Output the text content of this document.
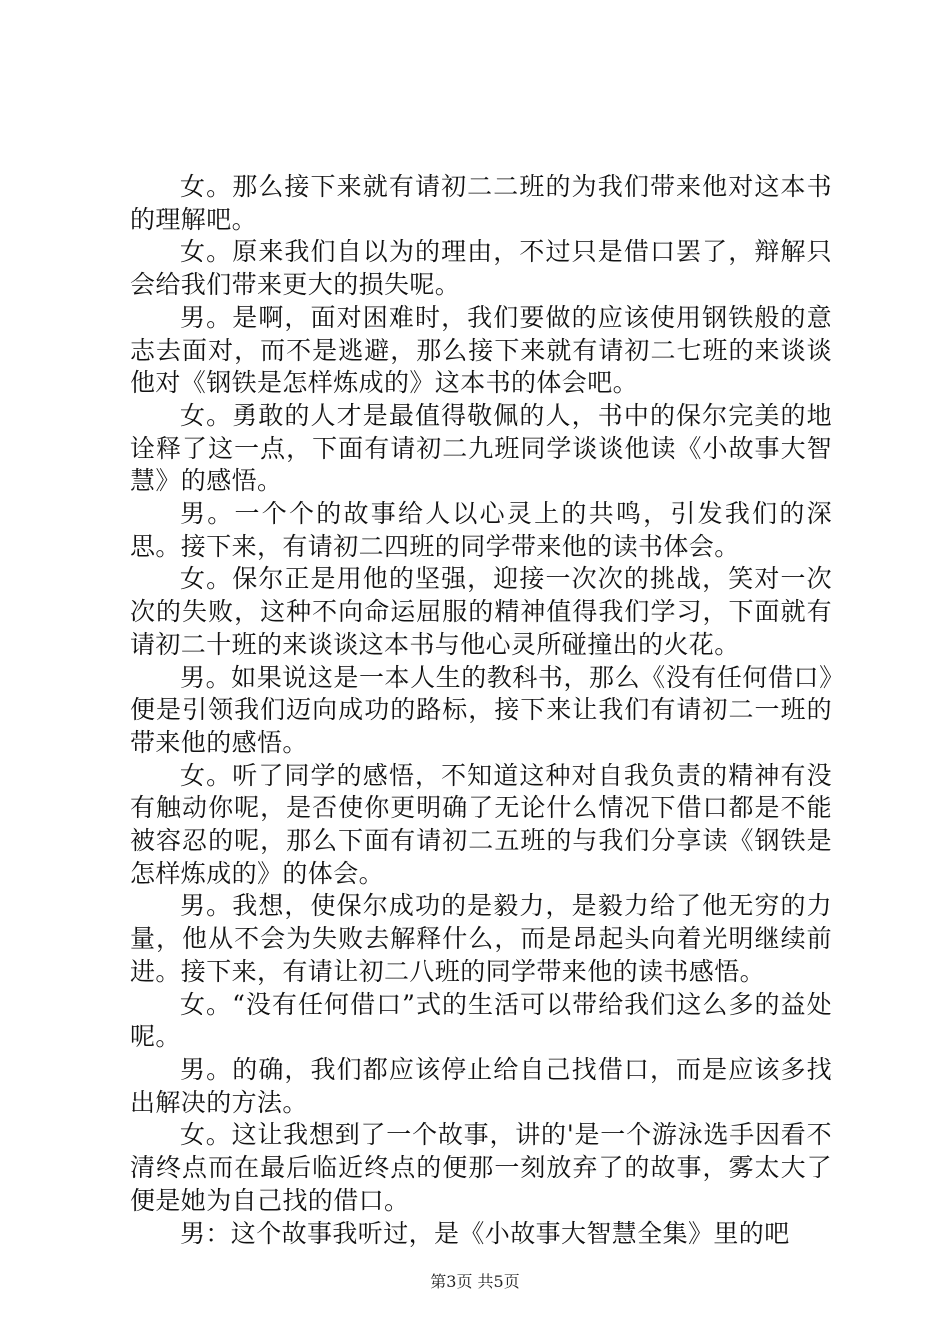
女。那么接下来就有请初二二班的为我们带来他对这本书的理解吧。

女。原来我们自以为的理由，不过只是借口罢了，辩解只会给我们带来更大的损失呢。

男。是啊，面对困难时，我们要做的应该使用钢铁般的意志去面对，而不是逃避，那么接下来就有请初二七班的来谈谈他对《钢铁是怎样炼成的》这本书的体会吧。

女。勇敢的人才是最值得敬佩的人，书中的保尔完美的地诠释了这一点，下面有请初二九班同学谈谈他读《小故事大智慧》的感悟。

男。一个个的故事给人以心灵上的共鸣，引发我们的深思。接下来，有请初二四班的同学带来他的读书体会。

女。保尔正是用他的坚强，迎接一次次的挑战，笑对一次次的失败，这种不向命运屈服的精神值得我们学习，下面就有请初二十班的来谈谈这本书与他心灵所碰撞出的火花。

男。如果说这是一本人生的教科书，那么《没有任何借口》便是引领我们迈向成功的路标，接下来让我们有请初二一班的带来他的感悟。

女。听了同学的感悟，不知道这种对自我负责的精神有没有触动你呢，是否使你更明确了无论什么情况下借口都是不能被容忍的呢，那么下面有请初二五班的与我们分享读《钢铁是怎样炼成的》的体会。

男。我想，使保尔成功的是毅力，是毅力给了他无穷的力量，他从不会为失败去解释什么，而是昂起头向着光明继续前进。接下来，有请让初二八班的同学带来他的读书感悟。

女。“没有任何借口”式的生活可以带给我们这么多的益处呢。

男。的确，我们都应该停止给自己找借口，而是应该多找出解决的方法。

女。这让我想到了一个故事，讲的'是一个游泳选手因看不清终点而在最后临近终点的便那一刻放弃了的故事，雾太大了便是她为自己找的借口。

男：这个故事我听过，是《小故事大智慧全集》里的吧

第3页 共5页
